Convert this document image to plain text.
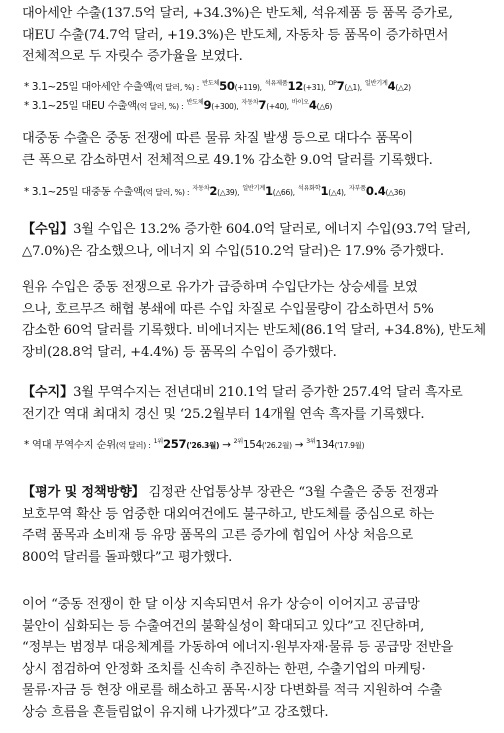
대아세안 수출(137.5억 달러, +34.3%)은 반도체, 석유제품 등 품목 증가로,
대EU 수출(74.7억 달러, +19.3%)은 반도체, 자동차 등 품목이 증가하면서
전체적으로 두 자릿수 증가율을 보였다.
* 3.1~25일 대아세안 수출액(억 달러, %) : $^{반도체}$50(+119), $^{석유제품}$12(+31), $^{DP}$7(△1), $^{일반기계}$4(△2)
* 3.1~25일 대EU 수출액(억 달러, %) : $^{반도체}$9(+300), $^{자동차}$7(+40), $^{바이오}$4(△6)
대중동 수출은 중동 전쟁에 따른 물류 차질 발생 등으로 대다수 품목이
큰 폭으로 감소하면서 전체적으로 49.1% 감소한 9.0억 달러를 기록했다.
* 3.1~25일 대중동 수출액(억 달러, %) : $^{자동차}$2(△39), $^{일반기계}$1(△66), $^{석유화학}$1(△4), $^{자부품}$0.4(△36)
【수입】3월 수입은 13.2% 증가한 604.0억 달러로, 에너지 수입(93.7억 달러,
△7.0%)은 감소했으나, 에너지 외 수입(510.2억 달러)은 17.9% 증가했다.
원유 수입은 중동 전쟁으로 유가가 급증하며 수입단가는 상승세를 보였
으나, 호르무즈 해협 봉쇄에 따른 수입 차질로 수입물량이 감소하면서 5%
감소한 60억 달러를 기록했다. 비에너지는 반도체(86.1억 달러, +34.8%), 반도체
장비(28.8억 달러, +4.4%) 등 품목의 수입이 증가했다.
【수지】3월 무역수지는 전년대비 210.1억 달러 증가한 257.4억 달러 흑자로
전기간 역대 최대치 경신 및 ‘25.2월부터 14개월 연속 흑자를 기록했다.
* 역대 무역수지 순위(억 달러) : $^{1위}$257('26.3월) → $^{2위}$154('26.2월) → $^{3위}$134('17.9월)
【평가 및 정책방향】 김정관 산업통상부 장관은 “3월 수출은 중동 전쟁과
보호무역 확산 등 엄중한 대외여건에도 불구하고, 반도체를 중심으로 하는
주력 품목과 소비재 등 유망 품목의 고른 증가에 힘입어 사상 처음으로
800억 달러를 돌파했다”고 평가했다.
이어 “중동 전쟁이 한 달 이상 지속되면서 유가 상승이 이어지고 공급망
불안이 심화되는 등 수출여건의 불확실성이 확대되고 있다”고 진단하며,
“정부는 범정부 대응체계를 가동하여 에너지·원부자재·물류 등 공급망 전반을
상시 점검하여 안정화 조치를 신속히 추진하는 한편, 수출기업의 마케팅·
물류·자금 등 현장 애로를 해소하고 품목·시장 다변화를 적극 지원하여 수출
상승 흐름을 흔들림없이 유지해 나가겠다”고 강조했다.
